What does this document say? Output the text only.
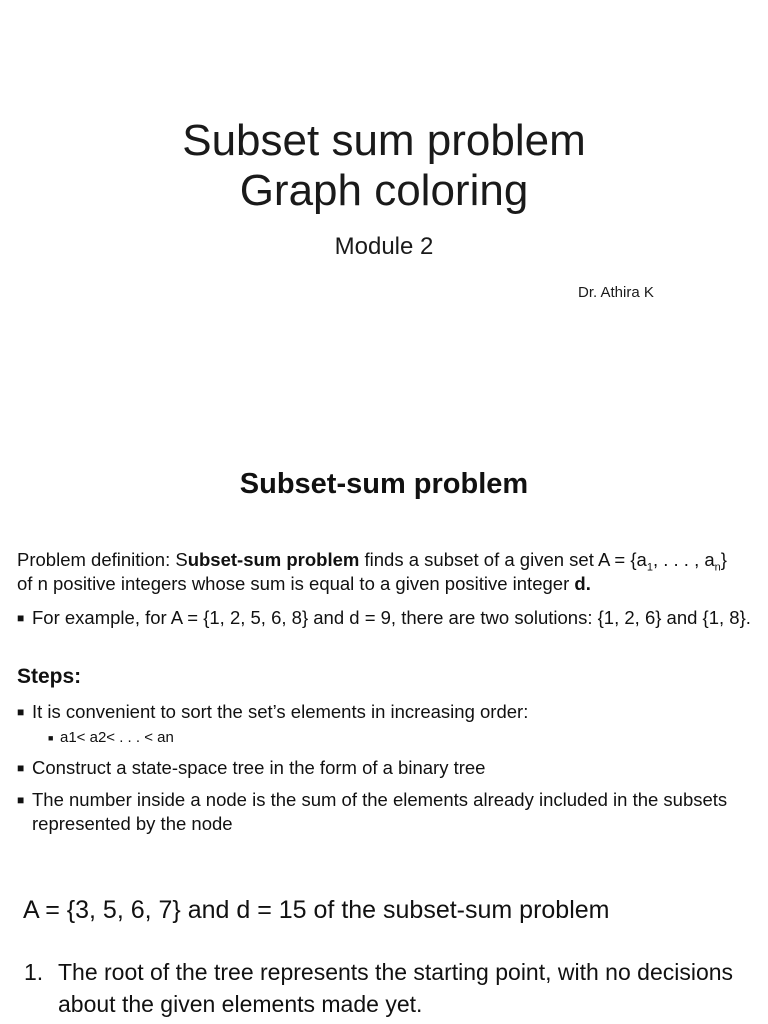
Subset sum problem
Graph coloring
Module 2
Dr. Athira K
Subset-sum problem
Problem definition: Subset-sum problem finds a subset of a given set $A = \{a_1$, . . . , $a_n$} of n positive integers whose sum is equal to a given positive integer d.
■ For example, for A = {1, 2, 5, 6, 8} and d = 9, there are two solutions: {1, 2, 6} and {1, 8}.
Steps:
■ It is convenient to sort the set’s elements in increasing order:
■ a1< a2< . . . < an
■ Construct a state-space tree in the form of a binary tree
■ The number inside a node is the sum of the elements already included in the subsets represented by the node
A = {3, 5, 6, 7} and d = 15 of the subset-sum problem
1. The root of the tree represents the starting point, with no decisions about the given elements made yet.
